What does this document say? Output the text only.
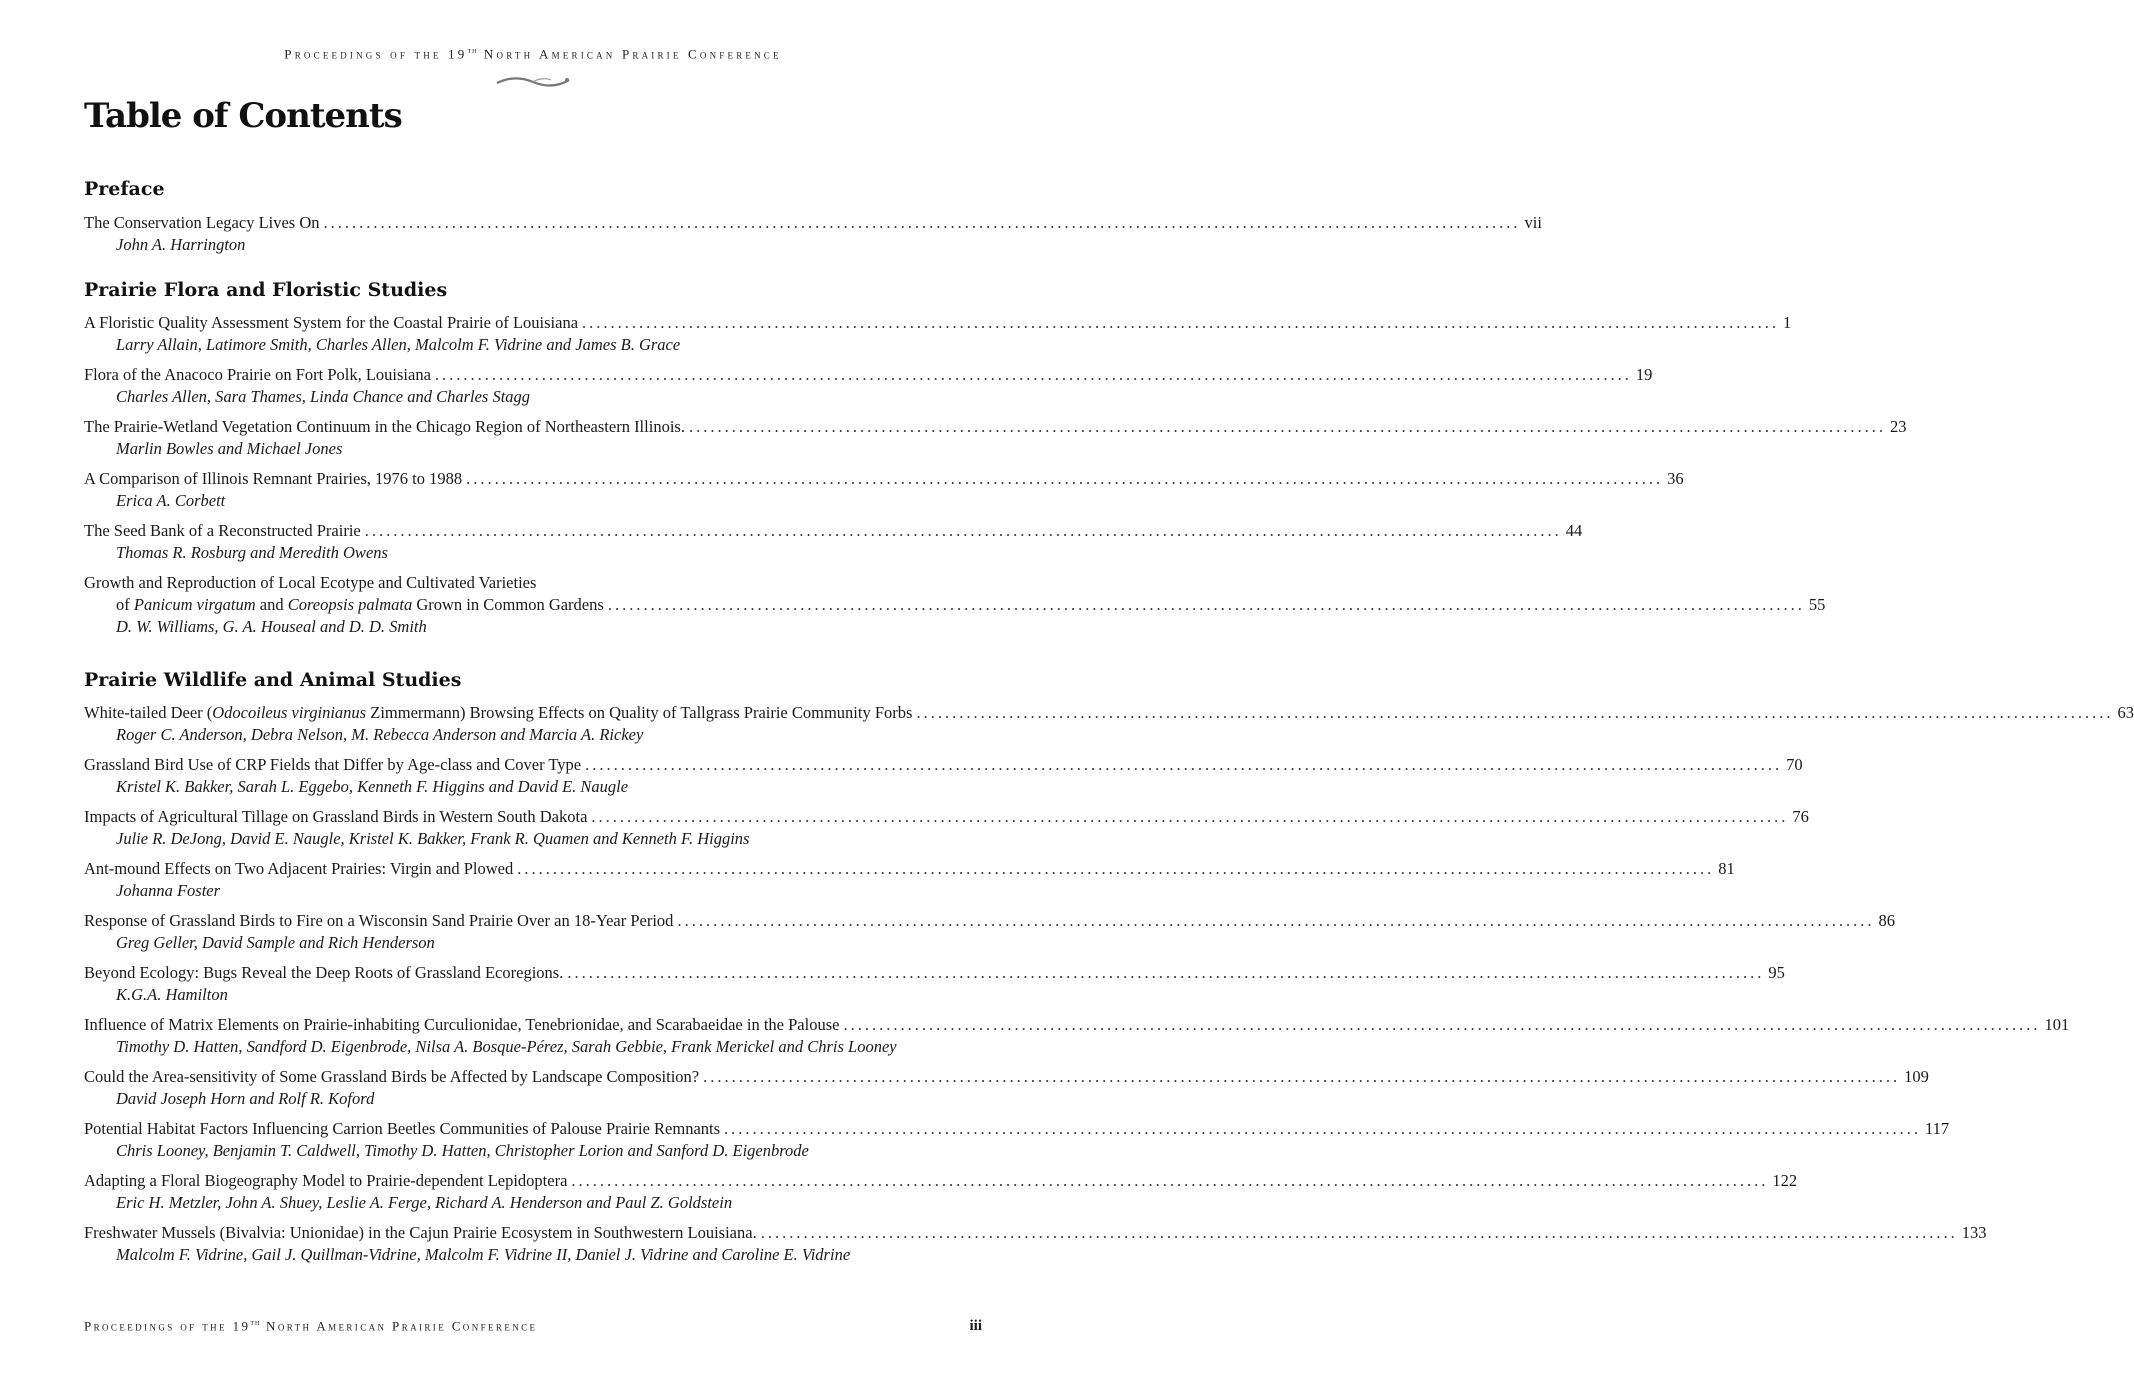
Proceedings of the 19th North American Prairie Conference
Table of Contents
Preface
The Conservation Legacy Lives On ........................................................................................................................................................................ vii
John A. Harrington
Prairie Flora and Floristic Studies
A Floristic Quality Assessment System for the Coastal Prairie of Louisiana ........................................................................................................................................................................ 1
Larry Allain, Latimore Smith, Charles Allen, Malcolm F. Vidrine and James B. Grace
Flora of the Anacoco Prairie on Fort Polk, Louisiana ........................................................................................................................................................................ 19
Charles Allen, Sara Thames, Linda Chance and Charles Stagg
The Prairie-Wetland Vegetation Continuum in the Chicago Region of Northeastern Illinois. ........................................................................................................................................................................ 23
Marlin Bowles and Michael Jones
A Comparison of Illinois Remnant Prairies, 1976 to 1988 ........................................................................................................................................................................ 36
Erica A. Corbett
The Seed Bank of a Reconstructed Prairie ........................................................................................................................................................................ 44
Thomas R. Rosburg and Meredith Owens
Growth and Reproduction of Local Ecotype and Cultivated Varieties
of Panicum virgatum and Coreopsis palmata Grown in Common Gardens ........................................................................................................................................................................ 55
D. W. Williams, G. A. Houseal and D. D. Smith
Prairie Wildlife and Animal Studies
White-tailed Deer (Odocoileus virginianus Zimmermann) Browsing Effects on Quality of Tallgrass Prairie Community Forbs ........................................................................................................................................................................ 63
Roger C. Anderson, Debra Nelson, M. Rebecca Anderson and Marcia A. Rickey
Grassland Bird Use of CRP Fields that Differ by Age-class and Cover Type ........................................................................................................................................................................ 70
Kristel K. Bakker, Sarah L. Eggebo, Kenneth F. Higgins and David E. Naugle
Impacts of Agricultural Tillage on Grassland Birds in Western South Dakota ........................................................................................................................................................................ 76
Julie R. DeJong, David E. Naugle, Kristel K. Bakker, Frank R. Quamen and Kenneth F. Higgins
Ant-mound Effects on Two Adjacent Prairies: Virgin and Plowed ........................................................................................................................................................................ 81
Johanna Foster
Response of Grassland Birds to Fire on a Wisconsin Sand Prairie Over an 18-Year Period ........................................................................................................................................................................ 86
Greg Geller, David Sample and Rich Henderson
Beyond Ecology: Bugs Reveal the Deep Roots of Grassland Ecoregions. ........................................................................................................................................................................ 95
K.G.A. Hamilton
Influence of Matrix Elements on Prairie-inhabiting Curculionidae, Tenebrionidae, and Scarabaeidae in the Palouse ........................................................................................................................................................................ 101
Timothy D. Hatten, Sandford D. Eigenbrode, Nilsa A. Bosque-Pérez, Sarah Gebbie, Frank Merickel and Chris Looney
Could the Area-sensitivity of Some Grassland Birds be Affected by Landscape Composition? ........................................................................................................................................................................ 109
David Joseph Horn and Rolf R. Koford
Potential Habitat Factors Influencing Carrion Beetles Communities of Palouse Prairie Remnants ........................................................................................................................................................................ 117
Chris Looney, Benjamin T. Caldwell, Timothy D. Hatten, Christopher Lorion and Sanford D. Eigenbrode
Adapting a Floral Biogeography Model to Prairie-dependent Lepidoptera ........................................................................................................................................................................ 122
Eric H. Metzler, John A. Shuey, Leslie A. Ferge, Richard A. Henderson and Paul Z. Goldstein
Freshwater Mussels (Bivalvia: Unionidae) in the Cajun Prairie Ecosystem in Southwestern Louisiana. ........................................................................................................................................................................ 133
Malcolm F. Vidrine, Gail J. Quillman-Vidrine, Malcolm F. Vidrine II, Daniel J. Vidrine and Caroline E. Vidrine
Proceedings of the 19th North American Prairie Conference	iii
